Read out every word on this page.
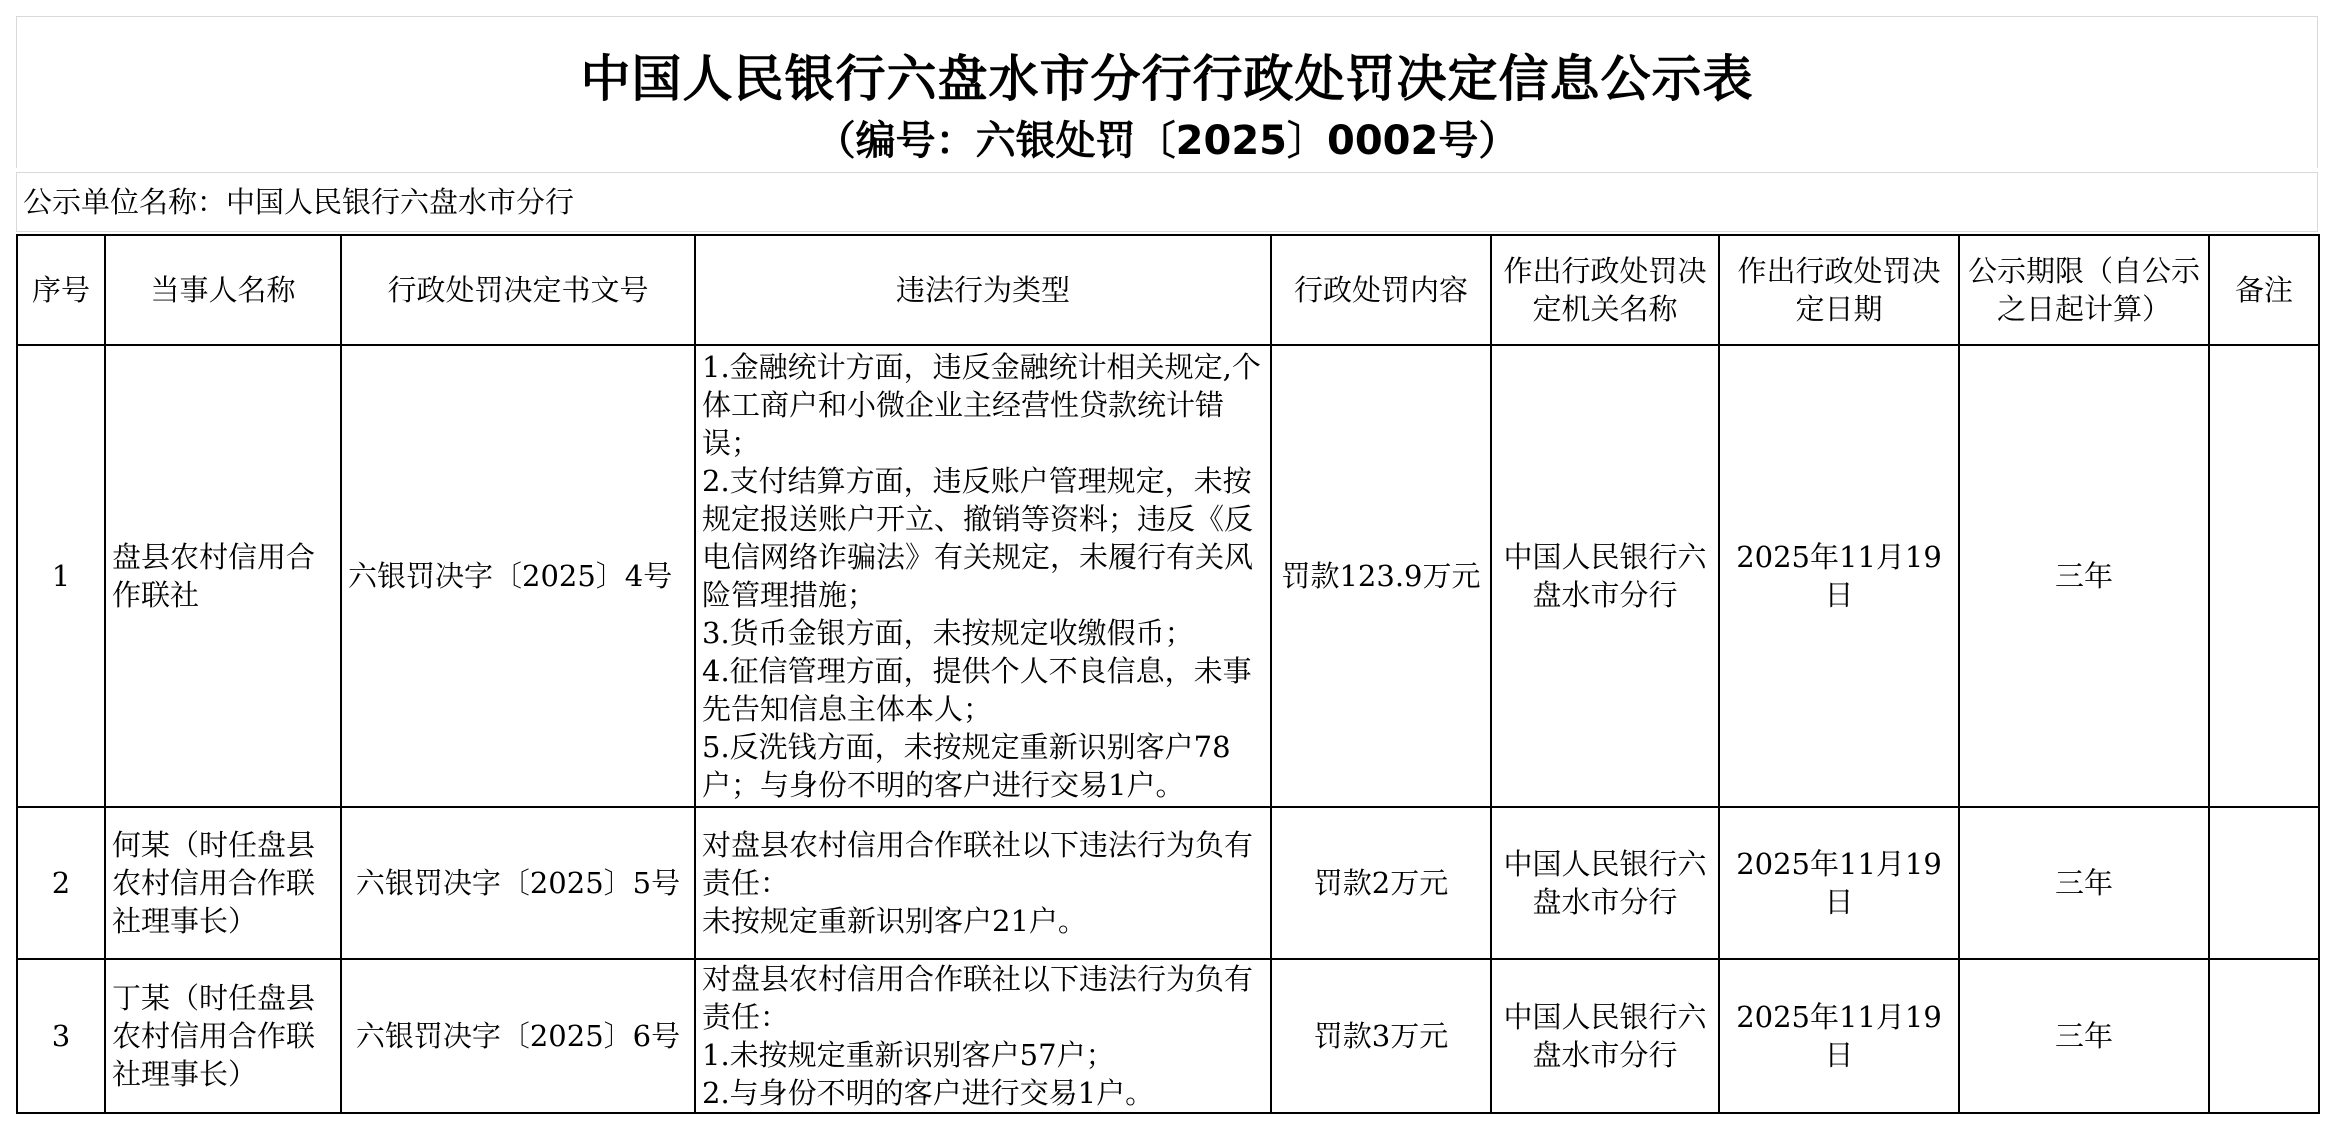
中国人民银行六盘水市分行行政处罚决定信息公示表
（编号：六银处罚〔2025〕0002号）
公示单位名称：中国人民银行六盘水市分行
序号	当事人名称	行政处罚决定书文号	违法行为类型	行政处罚内容	作出行政处罚决定机关名称	作出行政处罚决定日期	公示期限（自公示之日起计算）	备注
1	盘县农村信用合作联社	六银罚决字〔2025〕4号	1.金融统计方面，违反金融统计相关规定,个体工商户和小微企业主经营性贷款统计错误；
2.支付结算方面，违反账户管理规定，未按规定报送账户开立、撤销等资料；违反《反电信网络诈骗法》有关规定，未履行有关风险管理措施；
3.货币金银方面，未按规定收缴假币；
4.征信管理方面，提供个人不良信息，未事先告知信息主体本人；
5.反洗钱方面，未按规定重新识别客户78户；与身份不明的客户进行交易1户。	罚款123.9万元	中国人民银行六盘水市分行	2025年11月19日	三年	
2	何某（时任盘县农村信用合作联社理事长）	六银罚决字〔2025〕5号	对盘县农村信用合作联社以下违法行为负有责任：
未按规定重新识别客户21户。	罚款2万元	中国人民银行六盘水市分行	2025年11月19日	三年	
3	丁某（时任盘县农村信用合作联社理事长）	六银罚决字〔2025〕6号	对盘县农村信用合作联社以下违法行为负有责任：
1.未按规定重新识别客户57户；
2.与身份不明的客户进行交易1户。	罚款3万元	中国人民银行六盘水市分行	2025年11月19日	三年	
